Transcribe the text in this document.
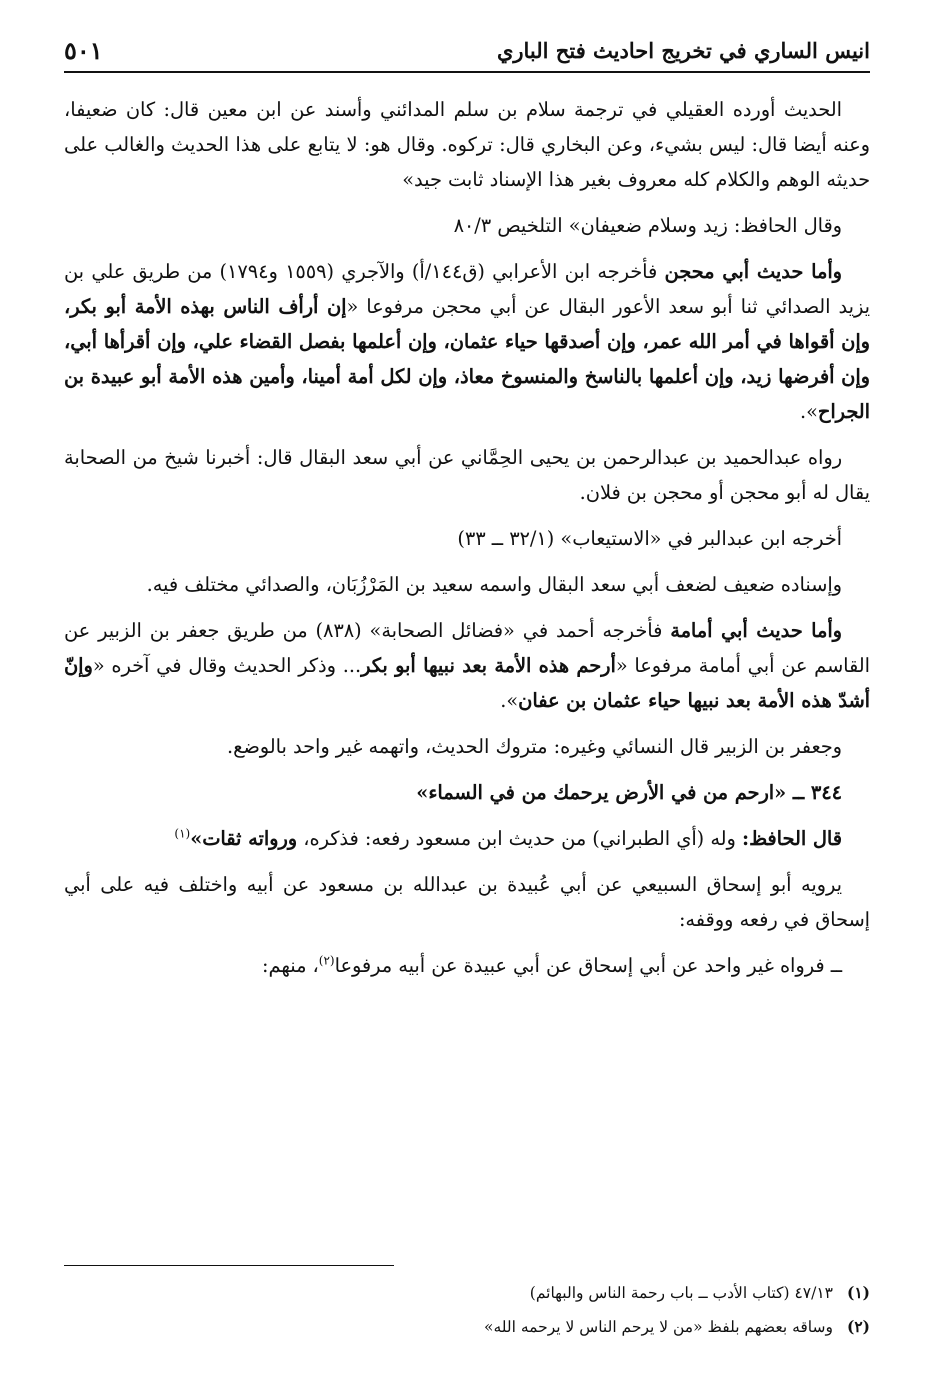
انيس الساري في تخريج احاديث فتح الباري
٥٠١

الحديث أورده العقيلي في ترجمة سلام بن سلم المدائني وأسند عن ابن معين قال: كان ضعيفا، وعنه أيضا قال: ليس بشيء، وعن البخاري قال: تركوه. وقال هو: لا يتابع على هذا الحديث والغالب على حديثه الوهم والكلام كله معروف بغير هذا الإسناد ثابت جيد»

وقال الحافظ: زيد وسلام ضعيفان» التلخيص ٨٠/٣

وأما حديث أبي محجن فأخرجه ابن الأعرابي (ق١٤٤/أ) والآجري (١٥٥٩ و١٧٩٤) من طريق علي بن يزيد الصدائي ثنا أبو سعد الأعور البقال عن أبي محجن مرفوعا «إن أرأف الناس بهذه الأمة أبو بكر، وإن أقواها في أمر الله عمر، وإن أصدقها حياء عثمان، وإن أعلمها بفصل القضاء علي، وإن أقرأها أبي، وإن أفرضها زيد، وإن أعلمها بالناسخ والمنسوخ معاذ، وإن لكل أمة أمينا، وأمين هذه الأمة أبو عبيدة بن الجراح».

رواه عبدالحميد بن عبدالرحمن بن يحيى الحِمَّاني عن أبي سعد البقال قال: أخبرنا شيخ من الصحابة يقال له أبو محجن أو محجن بن فلان.

أخرجه ابن عبدالبر في «الاستيعاب» (٣٢/١ ــ ٣٣)

وإسناده ضعيف لضعف أبي سعد البقال واسمه سعيد بن المَرْزُبَان، والصدائي مختلف فيه.

وأما حديث أبي أمامة فأخرجه أحمد في «فضائل الصحابة» (٨٣٨) من طريق جعفر بن الزبير عن القاسم عن أبي أمامة مرفوعا «أرحم هذه الأمة بعد نبيها أبو بكر... وذكر الحديث وقال في آخره «وإنّ أشدّ هذه الأمة بعد نبيها حياء عثمان بن عفان».

وجعفر بن الزبير قال النسائي وغيره: متروك الحديث، واتهمه غير واحد بالوضع.

٣٤٤ ــ «ارحم من في الأرض يرحمك من في السماء»

قال الحافظ: وله (أي الطبراني) من حديث ابن مسعود رفعه: فذكره، ورواته ثقات»$^{(١)}$

يرويه أبو إسحاق السبيعي عن أبي عُبيدة بن عبدالله بن مسعود عن أبيه واختلف فيه على أبي إسحاق في رفعه ووقفه:

ــ فرواه غير واحد عن أبي إسحاق عن أبي عبيدة عن أبيه مرفوعا$^{(٢)}$، منهم:

(١)٤٧/١٣ (كتاب الأدب ــ باب رحمة الناس والبهائم)
(٢)وساقه بعضهم بلفظ «من لا يرحم الناس لا يرحمه الله»
